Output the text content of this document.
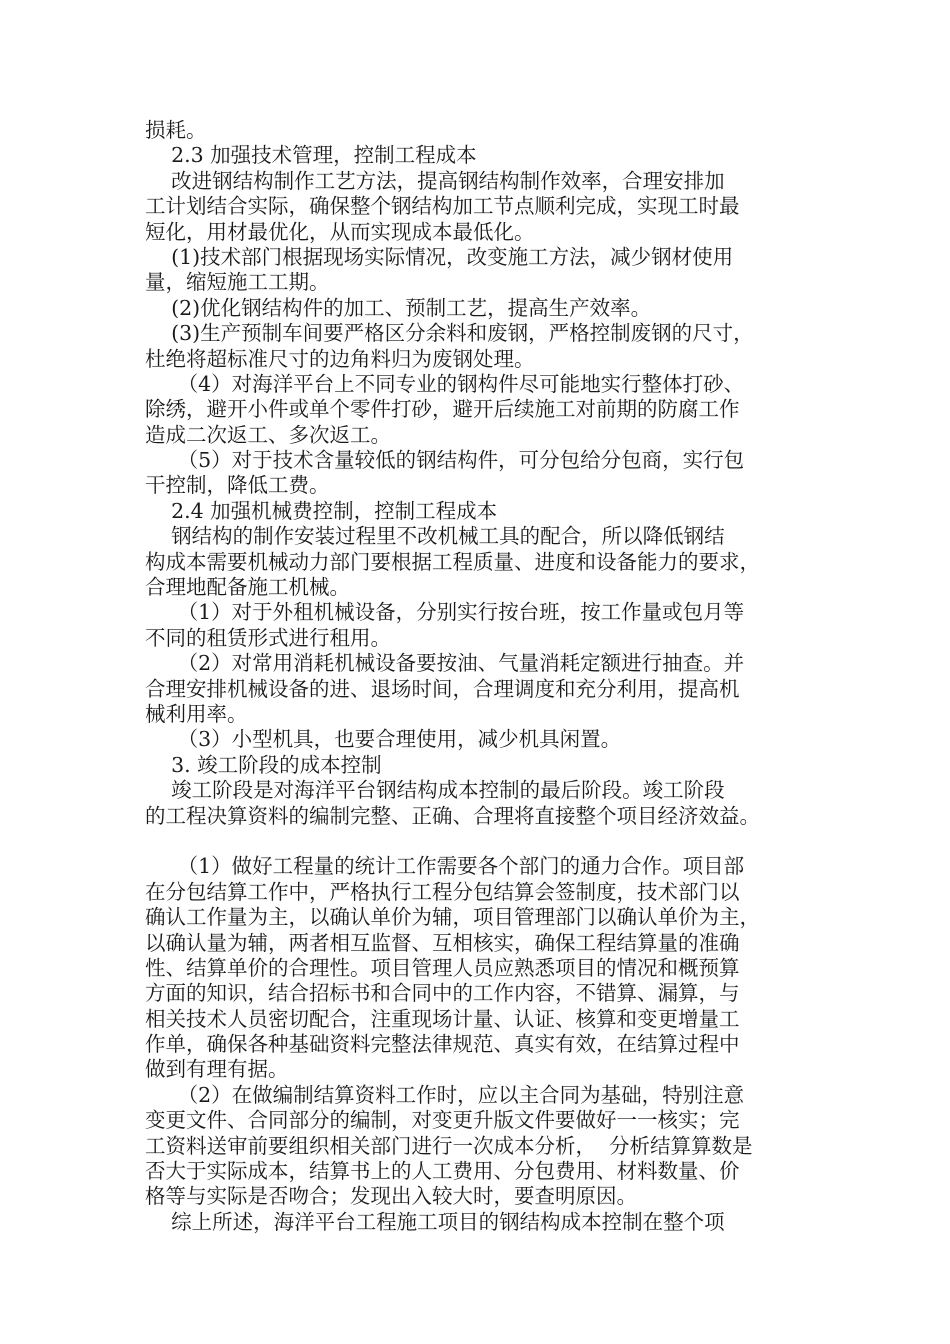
损耗。
2.3 加强技术管理，控制工程成本
改进钢结构制作工艺方法，提高钢结构制作效率，合理安排加
工计划结合实际，确保整个钢结构加工节点顺利完成，实现工时最
短化，用材最优化，从而实现成本最低化。
(1)技术部门根据现场实际情况，改变施工方法，减少钢材使用
量，缩短施工工期。
(2)优化钢结构件的加工、预制工艺，提高生产效率。
(3)生产预制车间要严格区分余料和废钢，严格控制废钢的尺寸，
杜绝将超标准尺寸的边角料归为废钢处理。
（4）对海洋平台上不同专业的钢构件尽可能地实行整体打砂、
除绣，避开小件或单个零件打砂，避开后续施工对前期的防腐工作
造成二次返工、多次返工。
（5）对于技术含量较低的钢结构件，可分包给分包商，实行包
干控制，降低工费。
2.4 加强机械费控制，控制工程成本
钢结构的制作安装过程里不改机械工具的配合，所以降低钢结
构成本需要机械动力部门要根据工程质量、进度和设备能力的要求，
合理地配备施工机械。
（1）对于外租机械设备，分别实行按台班，按工作量或包月等
不同的租赁形式进行租用。
（2）对常用消耗机械设备要按油、气量消耗定额进行抽查。并
合理安排机械设备的进、退场时间，合理调度和充分利用，提高机
械利用率。
（3）小型机具，也要合理使用，减少机具闲置。
3. 竣工阶段的成本控制
竣工阶段是对海洋平台钢结构成本控制的最后阶段。竣工阶段
的工程决算资料的编制完整、正确、合理将直接整个项目经济效益。
（1）做好工程量的统计工作需要各个部门的通力合作。项目部
在分包结算工作中，严格执行工程分包结算会签制度，技术部门以
确认工作量为主，以确认单价为辅，项目管理部门以确认单价为主，
以确认量为辅，两者相互监督、互相核实，确保工程结算量的准确
性、结算单价的合理性。项目管理人员应熟悉项目的情况和概预算
方面的知识，结合招标书和合同中的工作内容，不错算、漏算，与
相关技术人员密切配合，注重现场计量、认证、核算和变更增量工
作单，确保各种基础资料完整法律规范、真实有效，在结算过程中
做到有理有据。
（2）在做编制结算资料工作时，应以主合同为基础，特别注意
变更文件、合同部分的编制，对变更升版文件要做好一一核实；完
工资料送审前要组织相关部门进行一次成本分析，  分析结算算数是
否大于实际成本，结算书上的人工费用、分包费用、材料数量、价
格等与实际是否吻合；发现出入较大时，要查明原因。
综上所述，海洋平台工程施工项目的钢结构成本控制在整个项
